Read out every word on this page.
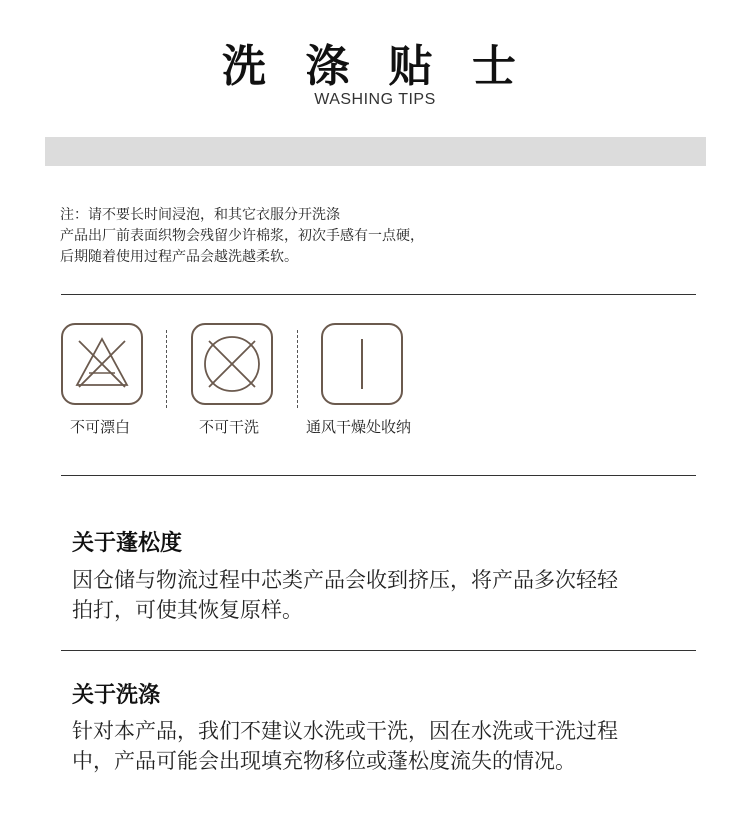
洗 涤 贴 士
WASHING TIPS
注：请不要长时间浸泡，和其它衣服分开洗涤
产品出厂前表面织物会残留少许棉浆，初次手感有一点硬，
后期随着使用过程产品会越洗越柔软。
不可漂白	不可干洗	通风干燥处收纳
关于蓬松度
因仓储与物流过程中芯类产品会收到挤压，将产品多次轻轻
拍打，可使其恢复原样。
关于洗涤
针对本产品，我们不建议水洗或干洗，因在水洗或干洗过程
中，产品可能会出现填充物移位或蓬松度流失的情况。
